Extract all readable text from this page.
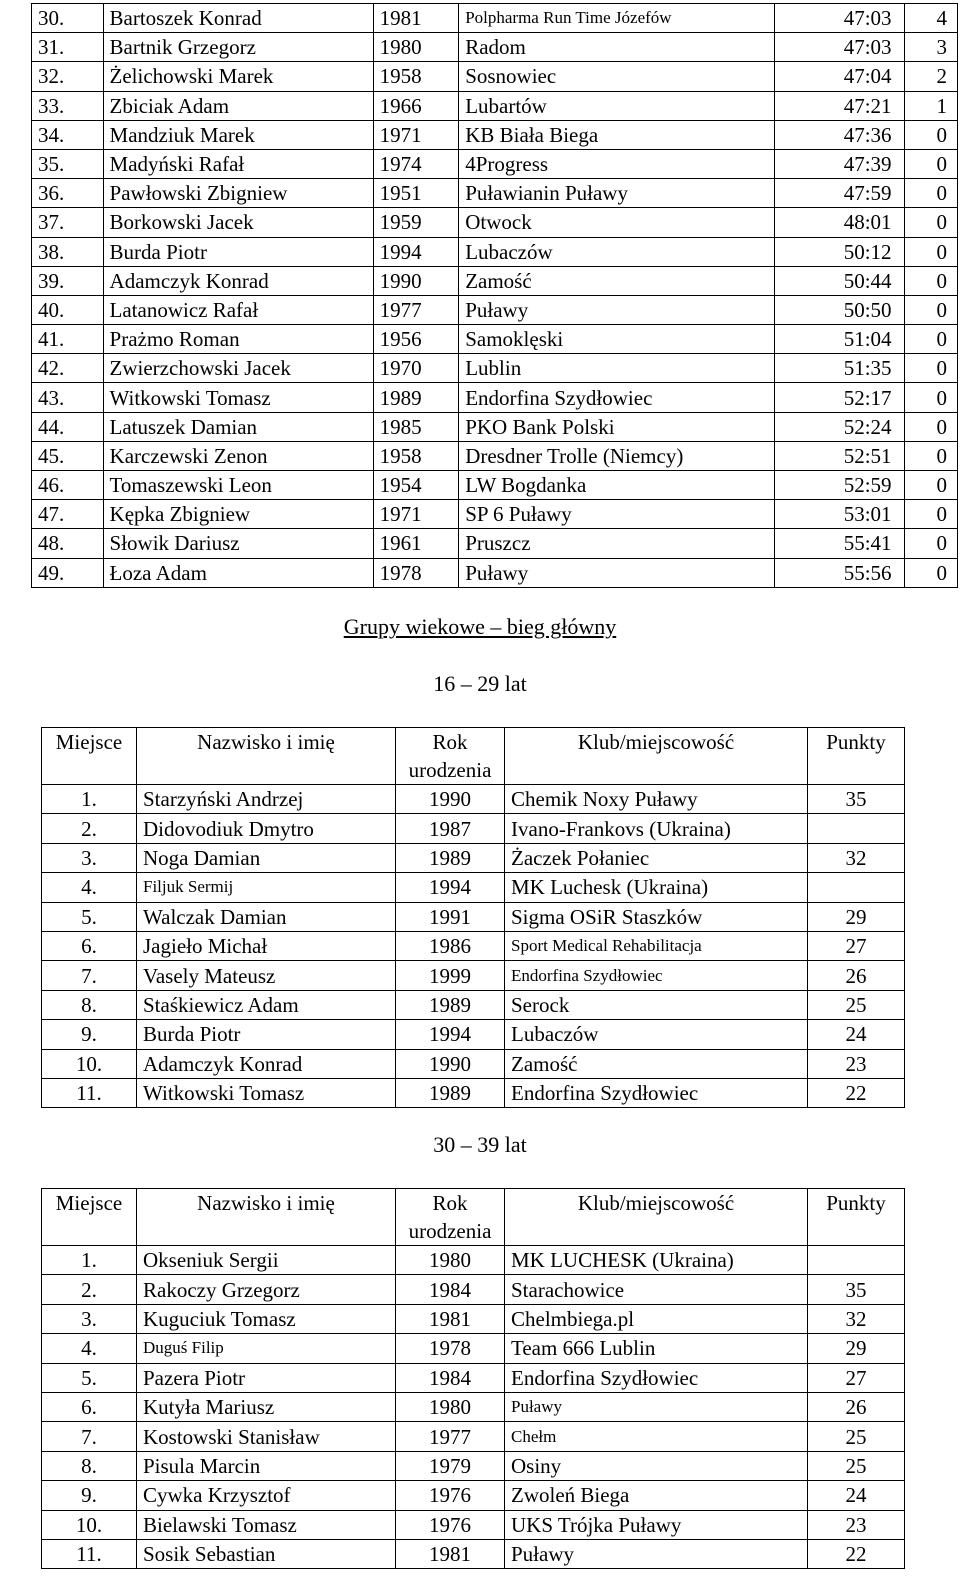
30.	Bartoszek Konrad	1981	Polpharma Run Time Józefów	47:03	4
31.	Bartnik Grzegorz	1980	Radom	47:03	3
32.	Żelichowski Marek	1958	Sosnowiec	47:04	2
33.	Zbiciak Adam	1966	Lubartów	47:21	1
34.	Mandziuk Marek	1971	KB Biała Biega	47:36	0
35.	Madyński Rafał	1974	4Progress	47:39	0
36.	Pawłowski Zbigniew	1951	Puławianin Puławy	47:59	0
37.	Borkowski Jacek	1959	Otwock	48:01	0
38.	Burda Piotr	1994	Lubaczów	50:12	0
39.	Adamczyk Konrad	1990	Zamość	50:44	0
40.	Latanowicz Rafał	1977	Puławy	50:50	0
41.	Prażmo Roman	1956	Samoklęski	51:04	0
42.	Zwierzchowski Jacek	1970	Lublin	51:35	0
43.	Witkowski Tomasz	1989	Endorfina Szydłowiec	52:17	0
44.	Latuszek Damian	1985	PKO Bank Polski	52:24	0
45.	Karczewski Zenon	1958	Dresdner Trolle (Niemcy)	52:51	0
46.	Tomaszewski Leon	1954	LW Bogdanka	52:59	0
47.	Kępka Zbigniew	1971	SP 6 Puławy	53:01	0
48.	Słowik Dariusz	1961	Pruszcz	55:41	0
49.	Łoza Adam	1978	Puławy	55:56	0
Grupy wiekowe – bieg główny
16 – 29 lat
Miejsce	Nazwisko i imię	Rok urodzenia	Klub/miejscowość	Punkty
1.	Starzyński Andrzej	1990	Chemik Noxy Puławy	35
2.	Didovodiuk Dmytro	1987	Ivano-Frankovs (Ukraina)	
3.	Noga Damian	1989	Żaczek Połaniec	32
4.	Filjuk Sermij	1994	MK Luchesk (Ukraina)	
5.	Walczak Damian	1991	Sigma OSiR Staszków	29
6.	Jagieło Michał	1986	Sport Medical Rehabilitacja	27
7.	Vasely Mateusz	1999	Endorfina Szydłowiec	26
8.	Staśkiewicz Adam	1989	Serock	25
9.	Burda Piotr	1994	Lubaczów	24
10.	Adamczyk Konrad	1990	Zamość	23
11.	Witkowski Tomasz	1989	Endorfina Szydłowiec	22
30 – 39 lat
Miejsce	Nazwisko i imię	Rok urodzenia	Klub/miejscowość	Punkty
1.	Okseniuk Sergii	1980	MK LUCHESK (Ukraina)	
2.	Rakoczy Grzegorz	1984	Starachowice	35
3.	Kuguciuk Tomasz	1981	Chelmbiega.pl	32
4.	Duguś Filip	1978	Team 666 Lublin	29
5.	Pazera Piotr	1984	Endorfina Szydłowiec	27
6.	Kutyła Mariusz	1980	Puławy	26
7.	Kostowski Stanisław	1977	Chełm	25
8.	Pisula Marcin	1979	Osiny	25
9.	Cywka Krzysztof	1976	Zwoleń Biega	24
10.	Bielawski Tomasz	1976	UKS Trójka Puławy	23
11.	Sosik Sebastian	1981	Puławy	22
